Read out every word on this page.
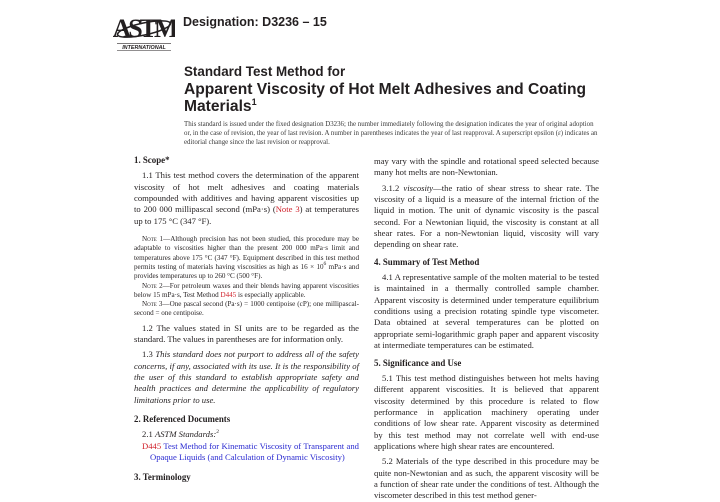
ASTM
INTERNATIONAL
Designation: D3236 – 15
Standard Test Method for
Apparent Viscosity of Hot Melt Adhesives and Coating Materials$^1$
This standard is issued under the fixed designation D3236; the number immediately following the designation indicates the year of original adoption or, in the case of revision, the year of last revision. A number in parentheses indicates the year of last reapproval. A superscript epsilon (ε) indicates an editorial change since the last revision or reapproval.

1. Scope*

1.1 This test method covers the determination of the apparent viscosity of hot melt adhesives and coating materials compounded with additives and having apparent viscosities up to 200 000 millipascal second (mPa·s) (Note 3) at temperatures up to 175 °C (347 °F).

Note 1—Although precision has not been studied, this procedure may be adaptable to viscosities higher than the present 200 000 mPa·s limit and temperatures above 175 °C (347 °F). Equipment described in this test method permits testing of materials having viscosities as high as 16 × 10$^6$ mPa·s and provides temperatures up to 260 °C (500 °F).

Note 2—For petroleum waxes and their blends having apparent viscosities below 15 mPa·s, Test Method D445 is especially applicable.

Note 3—One pascal second (Pa·s) = 1000 centipoise (cP); one millipascal-second = one centipoise.

1.2 The values stated in SI units are to be regarded as the standard. The values in parentheses are for information only.

1.3 This standard does not purport to address all of the safety concerns, if any, associated with its use. It is the responsibility of the user of this standard to establish appropriate safety and health practices and determine the applicability of regulatory limitations prior to use.

2. Referenced Documents

2.1 ASTM Standards:$^2$

D445 Test Method for Kinematic Viscosity of Transparent and Opaque Liquids (and Calculation of Dynamic Viscosity)

3. Terminology

may vary with the spindle and rotational speed selected because many hot melts are non-Newtonian.

3.1.2 viscosity—the ratio of shear stress to shear rate. The viscosity of a liquid is a measure of the internal friction of the liquid in motion. The unit of dynamic viscosity is the pascal second. For a Newtonian liquid, the viscosity is constant at all shear rates. For a non-Newtonian liquid, viscosity will vary depending on shear rate.

4. Summary of Test Method

4.1 A representative sample of the molten material to be tested is maintained in a thermally controlled sample chamber. Apparent viscosity is determined under temperature equilibrium conditions using a precision rotating spindle type viscometer. Data obtained at several temperatures can be plotted on appropriate semi-logarithmic graph paper and apparent viscosity at intermediate temperatures can be estimated.

5. Significance and Use

5.1 This test method distinguishes between hot melts having different apparent viscosities. It is believed that apparent viscosity determined by this procedure is related to flow performance in application machinery operating under conditions of low shear rate. Apparent viscosity as determined by this test method may not correlate well with end-use applications where high shear rates are encountered.

5.2 Materials of the type described in this procedure may be quite non-Newtonian and as such, the apparent viscosity will be a function of shear rate under the conditions of test. Although the viscometer described in this test method gener-
